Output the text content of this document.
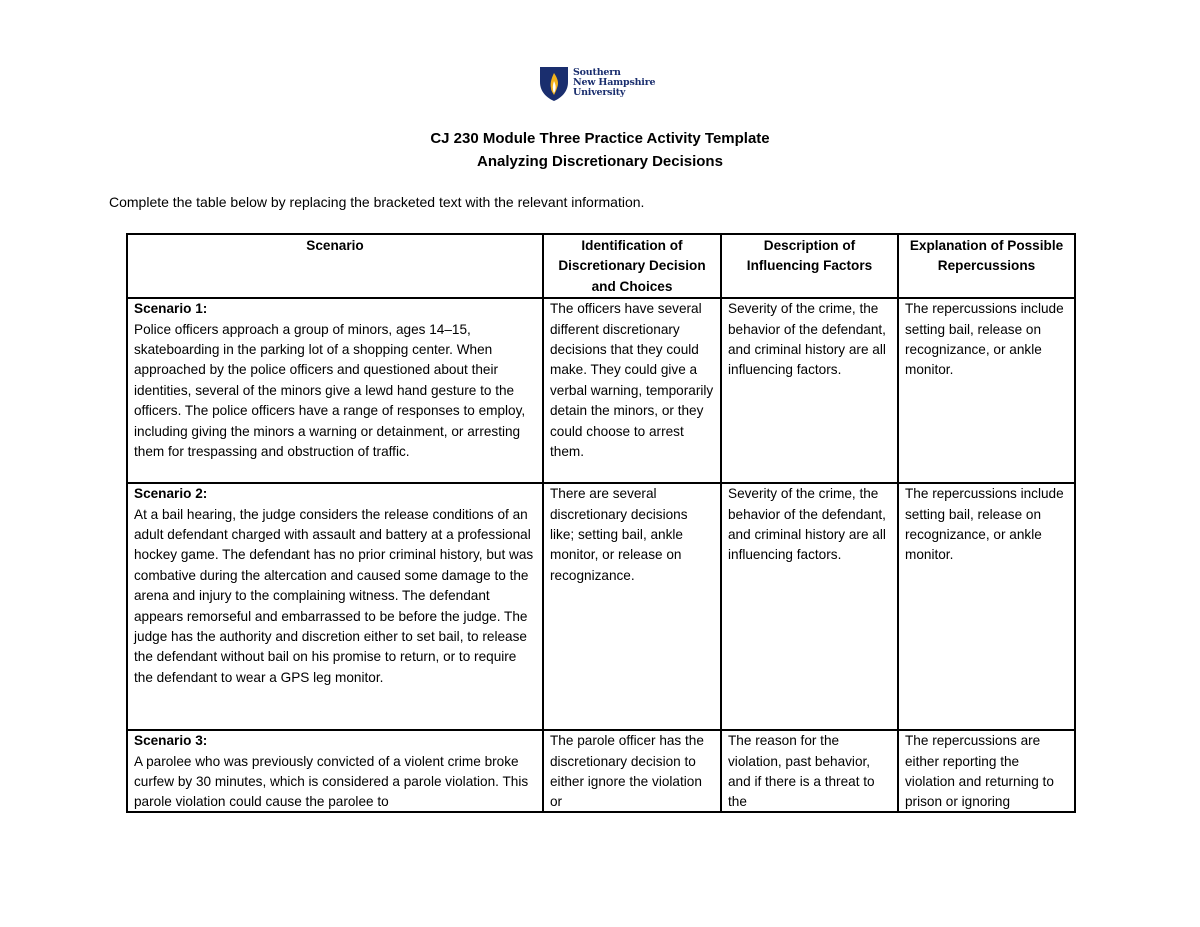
Southern
New Hampshire
University
CJ 230 Module Three Practice Activity Template
Analyzing Discretionary Decisions
Complete the table below by replacing the bracketed text with the relevant information.
Scenario	Identification of Discretionary Decision and Choices	Description of Influencing Factors	Explanation of Possible Repercussions

Scenario 1:
Police officers approach a group of minors, ages 14–15, skateboarding in the parking lot of a shopping center. When approached by the police officers and questioned about their identities, several of the minors give a lewd hand gesture to the officers. The police officers have a range of responses to employ, including giving the minors a warning or detainment, or arresting them for trespassing and obstruction of traffic.	The officers have several different discretionary decisions that they could make. They could give a verbal warning, temporarily detain the minors, or they could choose to arrest them.	Severity of the crime, the behavior of the defendant, and criminal history are all influencing factors.	The repercussions include setting bail, release on recognizance, or ankle monitor.

Scenario 2:
At a bail hearing, the judge considers the release conditions of an adult defendant charged with assault and battery at a professional hockey game. The defendant has no prior criminal history, but was combative during the altercation and caused some damage to the arena and injury to the complaining witness. The defendant appears remorseful and embarrassed to be before the judge. The judge has the authority and discretion either to set bail, to release the defendant without bail on his promise to return, or to require the defendant to wear a GPS leg monitor.	There are several discretionary decisions like; setting bail, ankle monitor, or release on recognizance.	Severity of the crime, the behavior of the defendant, and criminal history are all influencing factors.	The repercussions include setting bail, release on recognizance, or ankle monitor.

Scenario 3:
A parolee who was previously convicted of a violent crime broke curfew by 30 minutes, which is considered a parole violation. This parole violation could cause the parolee to	The parole officer has the discretionary decision to either ignore the violation or	The reason for the violation, past behavior, and if there is a threat to the	The repercussions are either reporting the violation and returning to prison or ignoring
